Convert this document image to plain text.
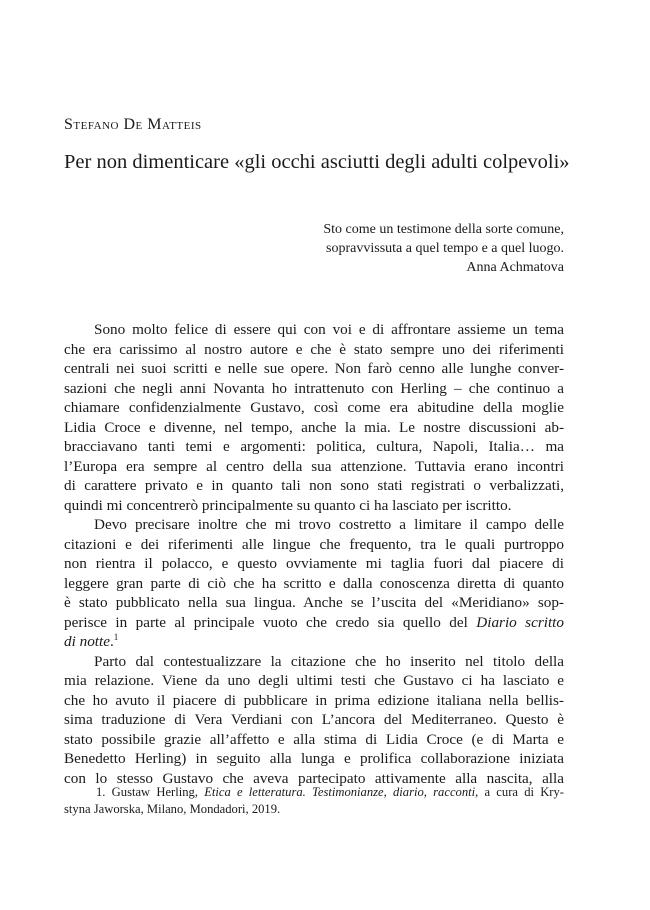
Stefano De Matteis
Per non dimenticare «gli occhi asciutti degli adulti colpevoli»
Sto come un testimone della sorte comune,
sopravvissuta a quel tempo e a quel luogo.
Anna Achmatova
Sono molto felice di essere qui con voi e di affrontare assieme un tema
che era carissimo al nostro autore e che è stato sempre uno dei riferimenti
centrali nei suoi scritti e nelle sue opere. Non farò cenno alle lunghe conver-
sazioni che negli anni Novanta ho intrattenuto con Herling – che continuo a
chiamare confidenzialmente Gustavo, così come era abitudine della moglie
Lidia Croce e divenne, nel tempo, anche la mia. Le nostre discussioni ab-
bracciavano tanti temi e argomenti: politica, cultura, Napoli, Italia… ma
l’Europa era sempre al centro della sua attenzione. Tuttavia erano incontri
di carattere privato e in quanto tali non sono stati registrati o verbalizzati,
quindi mi concentrerò principalmente su quanto ci ha lasciato per iscritto.
Devo precisare inoltre che mi trovo costretto a limitare il campo delle
citazioni e dei riferimenti alle lingue che frequento, tra le quali purtroppo
non rientra il polacco, e questo ovviamente mi taglia fuori dal piacere di
leggere gran parte di ciò che ha scritto e dalla conoscenza diretta di quanto
è stato pubblicato nella sua lingua. Anche se l’uscita del «Meridiano» sop-
perisce in parte al principale vuoto che credo sia quello del Diario scritto
di notte.$^1$
Parto dal contestualizzare la citazione che ho inserito nel titolo della
mia relazione. Viene da uno degli ultimi testi che Gustavo ci ha lasciato e
che ho avuto il piacere di pubblicare in prima edizione italiana nella bellis-
sima traduzione di Vera Verdiani con L’ancora del Mediterraneo. Questo è
stato possibile grazie all’affetto e alla stima di Lidia Croce (e di Marta e
Benedetto Herling) in seguito alla lunga e prolifica collaborazione iniziata
con lo stesso Gustavo che aveva partecipato attivamente alla nascita, alla
1. Gustaw Herling, Etica e letteratura. Testimonianze, diario, racconti, a cura di Kry-
styna Jaworska, Milano, Mondadori, 2019.
